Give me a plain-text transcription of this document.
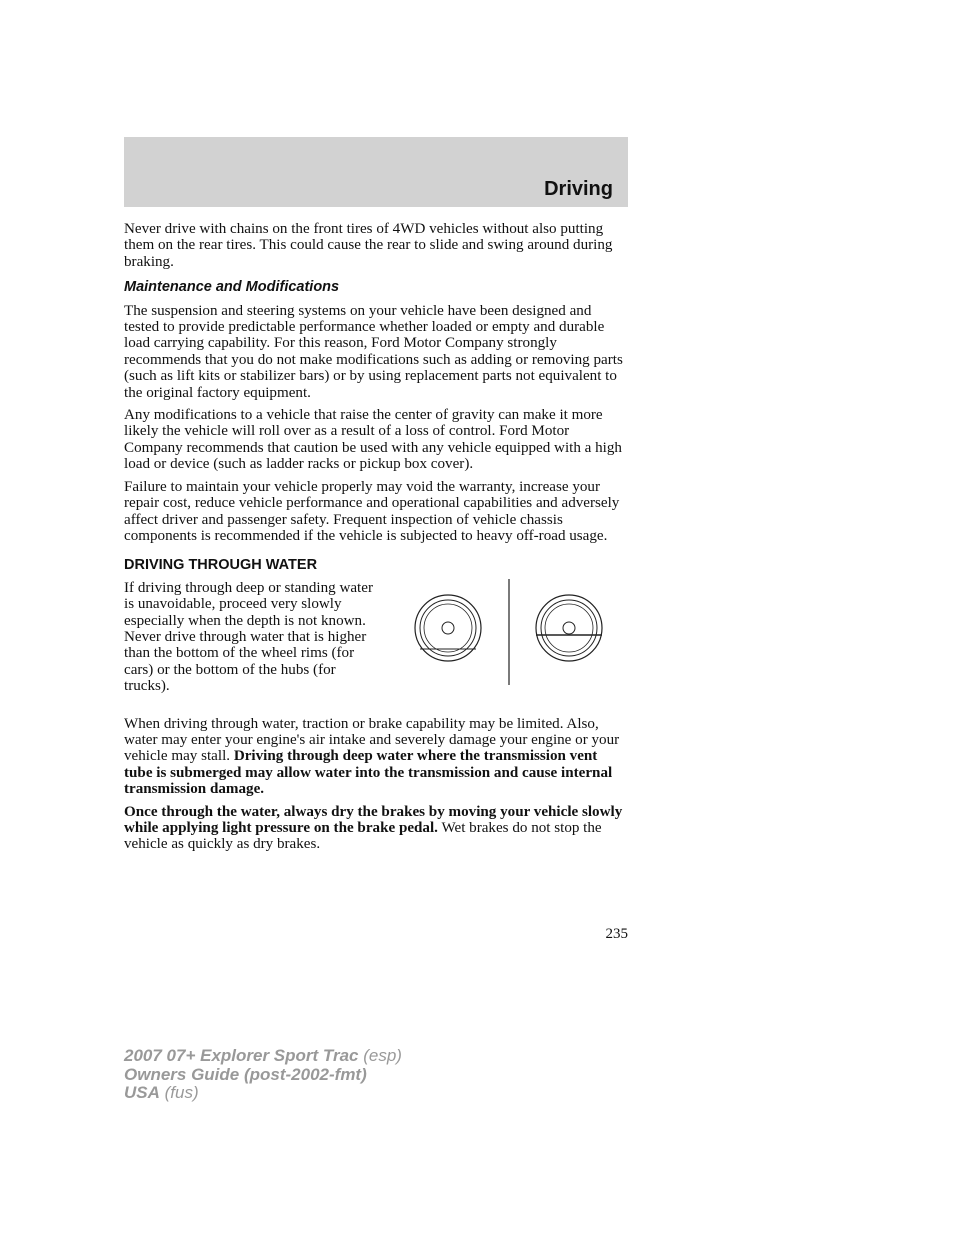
Driving

Never drive with chains on the front tires of 4WD vehicles without also putting them on the rear tires. This could cause the rear to slide and swing around during braking.

Maintenance and Modifications

The suspension and steering systems on your vehicle have been designed and tested to provide predictable performance whether loaded or empty and durable load carrying capability. For this reason, Ford Motor Company strongly recommends that you do not make modifications such as adding or removing parts (such as lift kits or stabilizer bars) or by using replacement parts not equivalent to the original factory equipment.

Any modifications to a vehicle that raise the center of gravity can make it more likely the vehicle will roll over as a result of a loss of control. Ford Motor Company recommends that caution be used with any vehicle equipped with a high load or device (such as ladder racks or pickup box cover).

Failure to maintain your vehicle properly may void the warranty, increase your repair cost, reduce vehicle performance and operational capabilities and adversely affect driver and passenger safety. Frequent inspection of vehicle chassis components is recommended if the vehicle is subjected to heavy off-road usage.

DRIVING THROUGH WATER

If driving through deep or standing water is unavoidable, proceed very slowly especially when the depth is not known. Never drive through water that is higher than the bottom of the wheel rims (for cars) or the bottom of the hubs (for trucks).

When driving through water, traction or brake capability may be limited. Also, water may enter your engine's air intake and severely damage your engine or your vehicle may stall. Driving through deep water where the transmission vent tube is submerged may allow water into the transmission and cause internal transmission damage.

Once through the water, always dry the brakes by moving your vehicle slowly while applying light pressure on the brake pedal. Wet brakes do not stop the vehicle as quickly as dry brakes.

235
2007 07+ Explorer Sport Trac (esp)
Owners Guide (post-2002-fmt)
USA (fus)
